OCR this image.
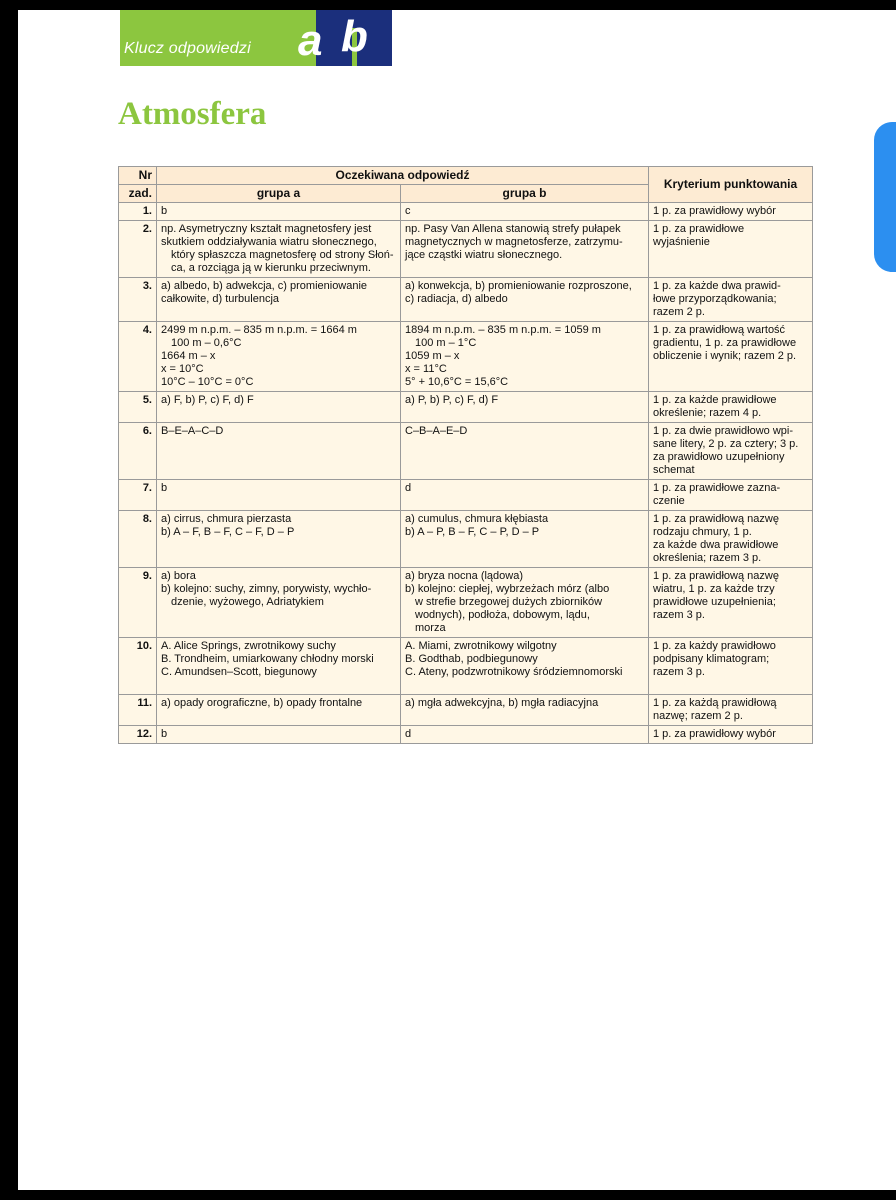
Klucz odpowiedzi a b
Atmosfera
Nr	Oczekiwana odpowiedź		Kryterium punktowania
zad.	grupa a	grupa b	
1.	b	c	1 p. za prawidłowy wybór

2.	np. Asymetryczny kształt magnetosfery jest
skutkiem oddziaływania wiatru słonecznego,
który spłaszcza magnetosferę od strony Słoń-
ca, a rozciąga ją w kierunku przeciwnym.	np. Pasy Van Allena stanowią strefy pułapek
magnetycznych w magnetosferze, zatrzymu-
jące cząstki wiatru słonecznego.	1 p. za prawidłowe
wyjaśnienie

3.	a) albedo, b) adwekcja, c) promieniowanie
całkowite, d) turbulencja	a) konwekcja, b) promieniowanie rozproszone,
c) radiacja, d) albedo	1 p. za każde dwa prawid-
łowe przyporządkowania;
razem 2 p.

4.	2499 m n.p.m. – 835 m n.p.m. = 1664 m
100 m – 0,6°C
1664 m – x
x = 10°C
10°C – 10°C = 0°C	1894 m n.p.m. – 835 m n.p.m. = 1059 m
100 m – 1°C
1059 m – x
x = 11°C
5° + 10,6°C = 15,6°C	1 p. za prawidłową wartość
gradientu, 1 p. za prawidłowe
obliczenie i wynik; razem 2 p.

5.	a) F, b) P, c) F, d) F	a) P, b) P, c) F, d) F	1 p. za każde prawidłowe
określenie; razem 4 p.

6.	B–E–A–C–D	C–B–A–E–D	1 p. za dwie prawidłowo wpi-
sane litery, 2 p. za cztery; 3 p.
za prawidłowo uzupełniony
schemat

7.	b	d	1 p. za prawidłowe zazna-
czenie

8.	a) cirrus, chmura pierzasta
b) A – F, B – F, C – F, D – P	a) cumulus, chmura kłębiasta
b) A – P, B – F, C – P, D – P	1 p. za prawidłową nazwę
rodzaju chmury, 1 p.
za każde dwa prawidłowe
określenia; razem 3 p.

9.	a) bora
b) kolejno: suchy, zimny, porywisty, wychło-
dzenie, wyżowego, Adriatykiem	a) bryza nocna (lądowa)
b) kolejno: ciepłej, wybrzeżach mórz (albo
w strefie brzegowej dużych zbiorników
wodnych), podłoża, dobowym, lądu,
morza	1 p. za prawidłową nazwę
wiatru, 1 p. za każde trzy
prawidłowe uzupełnienia;
razem 3 p.

10.	A. Alice Springs, zwrotnikowy suchy
B. Trondheim, umiarkowany chłodny morski
C. Amundsen–Scott, biegunowy	A. Miami, zwrotnikowy wilgotny
B. Godthab, podbiegunowy
C. Ateny, podzwrotnikowy śródziemnomorski	1 p. za każdy prawidłowo
podpisany klimatogram;
razem 3 p.

11.	a) opady orograficzne, b) opady frontalne	a) mgła adwekcyjna, b) mgła radiacyjna	1 p. za każdą prawidłową
nazwę; razem 2 p.

12.	b	d	1 p. za prawidłowy wybór
